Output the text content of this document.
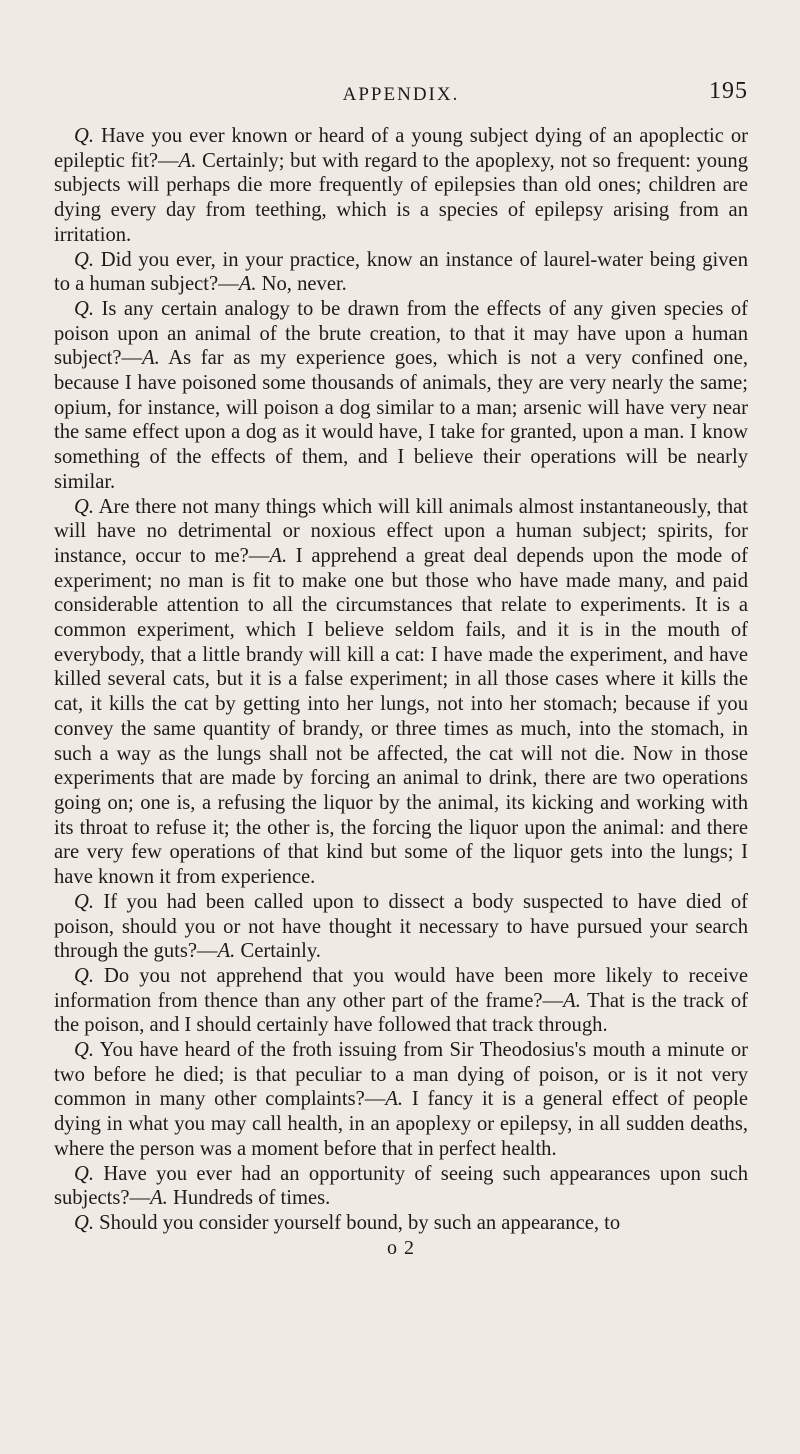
APPENDIX.	195

Q. Have you ever known or heard of a young subject dying of an apoplectic or epileptic fit?—A. Certainly; but with regard to the apoplexy, not so frequent: young subjects will perhaps die more frequently of epilepsies than old ones; children are dying every day from teething, which is a species of epilepsy arising from an irritation.

Q. Did you ever, in your practice, know an instance of laurel-water being given to a human subject?—A. No, never.

Q. Is any certain analogy to be drawn from the effects of any given species of poison upon an animal of the brute creation, to that it may have upon a human subject?—A. As far as my experience goes, which is not a very confined one, because I have poisoned some thousands of animals, they are very nearly the same; opium, for instance, will poison a dog similar to a man; arsenic will have very near the same effect upon a dog as it would have, I take for granted, upon a man. I know something of the effects of them, and I believe their operations will be nearly similar.

Q. Are there not many things which will kill animals almost instantaneously, that will have no detrimental or noxious effect upon a human subject; spirits, for instance, occur to me?—A. I apprehend a great deal depends upon the mode of experiment; no man is fit to make one but those who have made many, and paid considerable attention to all the circumstances that relate to experiments. It is a common experiment, which I believe seldom fails, and it is in the mouth of everybody, that a little brandy will kill a cat: I have made the experiment, and have killed several cats, but it is a false experiment; in all those cases where it kills the cat, it kills the cat by getting into her lungs, not into her stomach; because if you convey the same quantity of brandy, or three times as much, into the stomach, in such a way as the lungs shall not be affected, the cat will not die. Now in those experiments that are made by forcing an animal to drink, there are two operations going on; one is, a refusing the liquor by the animal, its kicking and working with its throat to refuse it; the other is, the forcing the liquor upon the animal: and there are very few operations of that kind but some of the liquor gets into the lungs; I have known it from experience.

Q. If you had been called upon to dissect a body suspected to have died of poison, should you or not have thought it necessary to have pursued your search through the guts?—A. Certainly.

Q. Do you not apprehend that you would have been more likely to receive information from thence than any other part of the frame?—A. That is the track of the poison, and I should certainly have followed that track through.

Q. You have heard of the froth issuing from Sir Theodosius's mouth a minute or two before he died; is that peculiar to a man dying of poison, or is it not very common in many other complaints?—A. I fancy it is a general effect of people dying in what you may call health, in an apoplexy or epilepsy, in all sudden deaths, where the person was a moment before that in perfect health.

Q. Have you ever had an opportunity of seeing such appearances upon such subjects?—A. Hundreds of times.

Q. Should you consider yourself bound, by such an appearance, to

o 2
